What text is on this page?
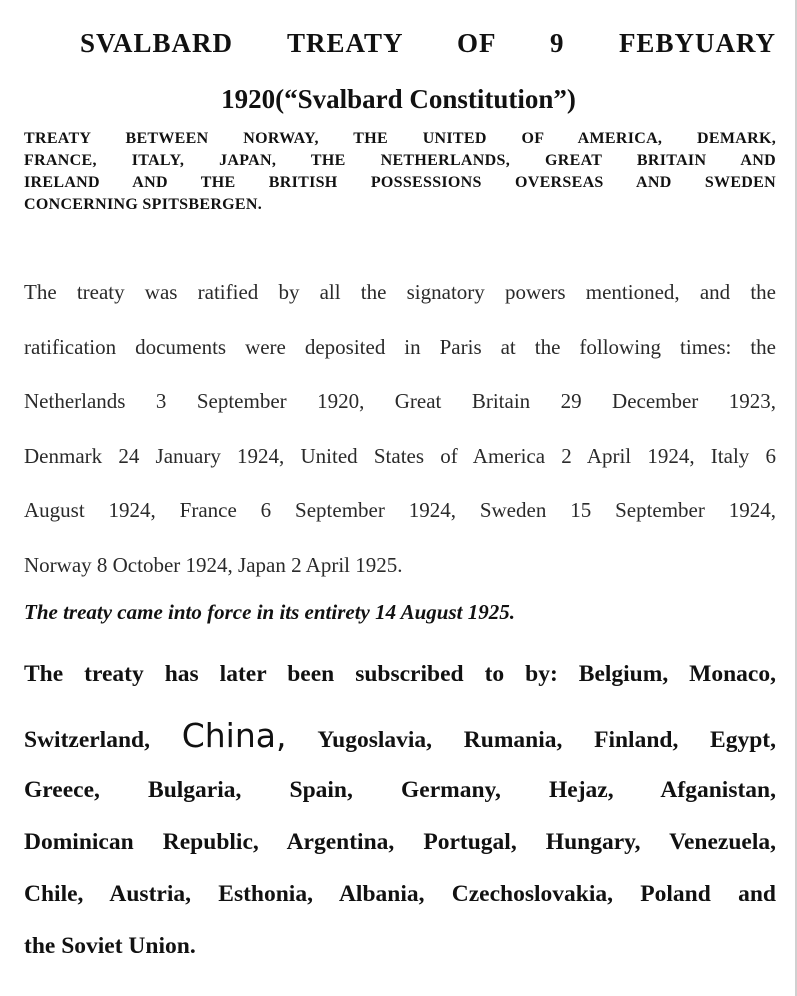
SVALBARD TREATY OF 9 FEBYUARY
1920(“Svalbard Constitution”)
TREATY BETWEEN NORWAY, THE UNITED OF AMERICA, DEMARK,
FRANCE, ITALY, JAPAN, THE NETHERLANDS, GREAT BRITAIN AND
IRELAND AND THE BRITISH POSSESSIONS OVERSEAS AND SWEDEN
CONCERNING SPITSBERGEN.
The treaty was ratified by all the signatory powers mentioned, and the
ratification documents were deposited in Paris at the following times: the
Netherlands 3 September 1920, Great Britain 29 December 1923,
Denmark 24 January 1924, United States of America 2 April 1924, Italy 6
August 1924, France 6 September 1924, Sweden 15 September 1924,
Norway 8 October 1924, Japan 2 April 1925.
The treaty came into force in its entirety 14 August 1925.
The treaty has later been subscribed to by: Belgium, Monaco,
Switzerland, China, Yugoslavia, Rumania, Finland, Egypt,
Greece, Bulgaria, Spain, Germany, Hejaz, Afganistan,
Dominican Republic, Argentina, Portugal, Hungary, Venezuela,
Chile, Austria, Esthonia, Albania, Czechoslovakia, Poland and
the Soviet Union.
